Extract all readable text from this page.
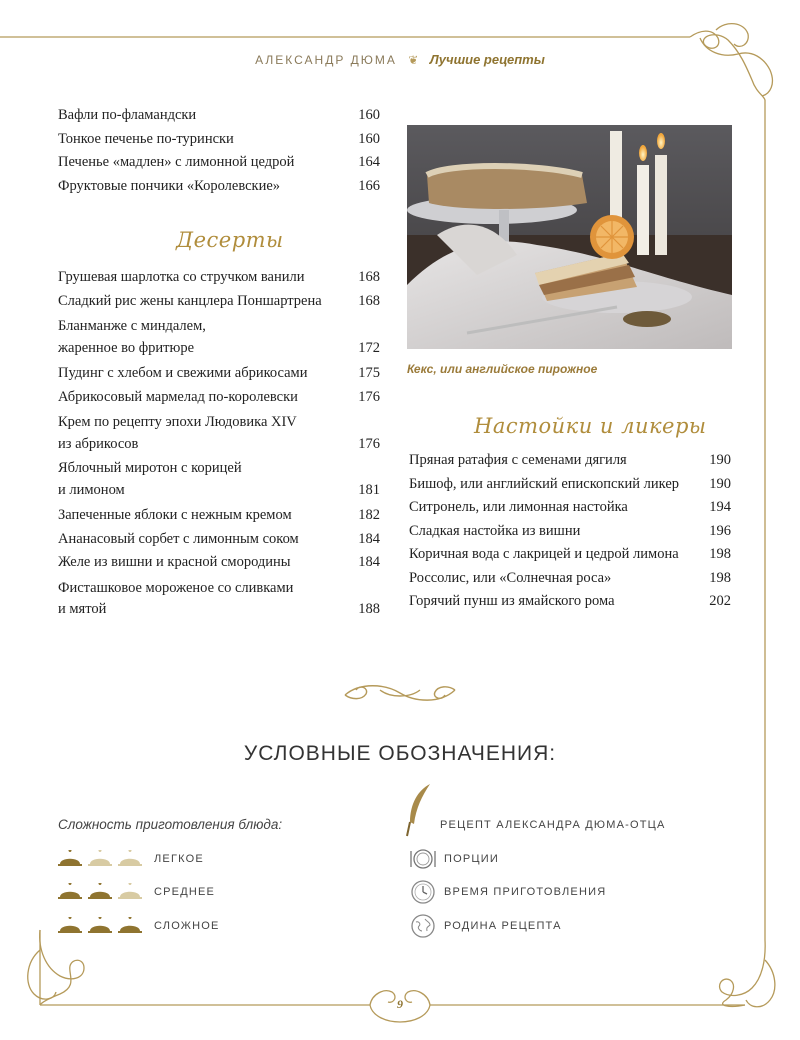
АЛЕКСАНДР ДЮМА ❦ Лучшие рецепты
Вафли по-фламандски	160
Тонкое печенье по-турински	160
Печенье «мадлен» с лимонной цедрой	164
Фруктовые пончики «Королевские»	166
Десерты
Грушевая шарлотка со стручком ванили	168
Сладкий рис жены канцлера Поншартрена	168
Бланманже с миндалем,
жаренное во фритюре	172
Пудинг с хлебом и свежими абрикосами	175
Абрикосовый мармелад по-королевски	176
Крем по рецепту эпохи Людовика XIV
из абрикосов	176
Яблочный миротон с корицей
и лимоном	181
Запеченные яблоки с нежным кремом	182
Ананасовый сорбет с лимонным соком	184
Желе из вишни и красной смородины	184
Фисташковое мороженое со сливками
и мятой	188
Кекс, или английское пирожное
Настойки и ликеры
Пряная ратафия с семенами дягиля	190
Бишоф, или английский епископский ликер 190
Ситронель, или лимонная настойка	194
Сладкая настойка из вишни	196
Коричная вода с лакрицей и цедрой лимона 198
Россолис, или «Солнечная роса»	198
Горячий пунш из ямайского рома	202
УСЛОВНЫЕ ОБОЗНАЧЕНИЯ:
Сложность приготовления блюда:
ЛЕГКОЕ
СРЕДНЕЕ
СЛОЖНОЕ
РЕЦЕПТ АЛЕКСАНДРА ДЮМА-ОТЦА
ПОРЦИИ
ВРЕМЯ ПРИГОТОВЛЕНИЯ
РОДИНА РЕЦЕПТА
9
